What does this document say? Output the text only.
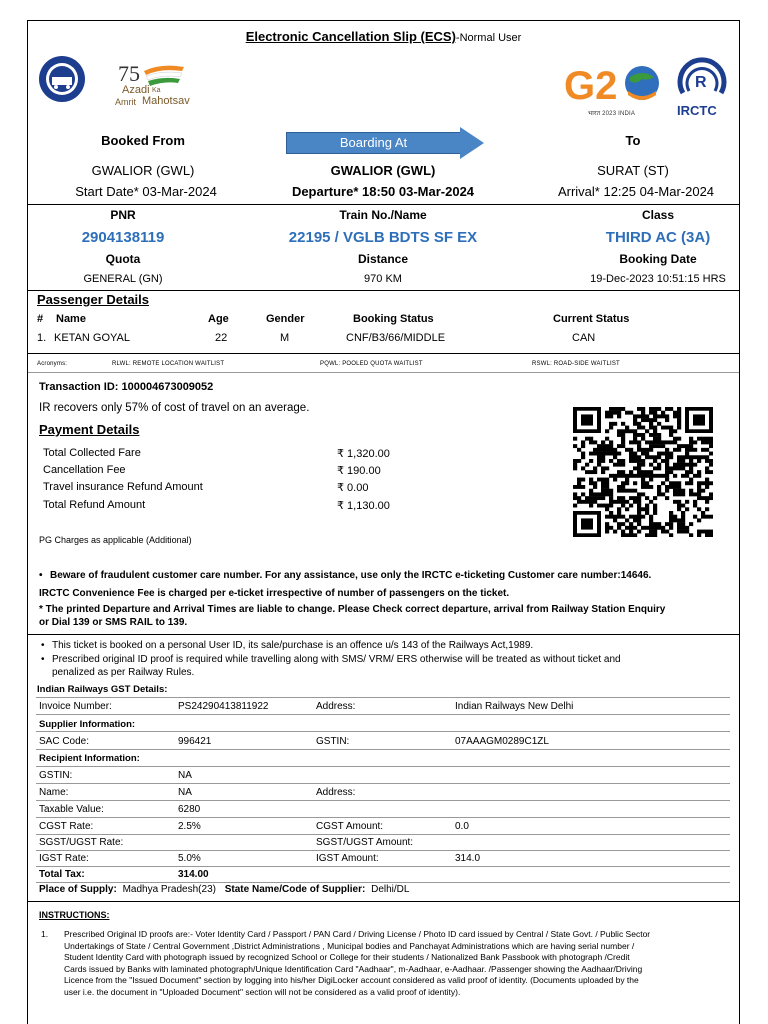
Electronic Cancellation Slip (ECS)-Normal User
75
Azadi Ka
Amrit Mahotsav	G2
भारत 2023 INDIA
R
IRCTC
Booked From	Boarding At	To
GWALIOR (GWL)	GWALIOR (GWL)	SURAT (ST)
Start Date* 03-Mar-2024	Departure* 18:50 03-Mar-2024	Arrival* 12:25 04-Mar-2024
PNR	Train No./Name	Class
2904138119	22195 / VGLB BDTS SF EX	THIRD AC (3A)
Quota	Distance	Booking Date
GENERAL (GN)	970 KM	19-Dec-2023 10:51:15 HRS
Passenger Details
# Name	Age	Gender	Booking Status	Current Status
1. KETAN GOYAL	22	M	CNF/B3/66/MIDDLE	CAN
Acronyms:	RLWL: REMOTE LOCATION WAITLIST	PQWL: POOLED QUOTA WAITLIST	RSWL: ROAD-SIDE WAITLIST
Transaction ID: 100004673009052
IR recovers only 57% of cost of travel on an average.
Payment Details
Total Collected Fare	₹ 1,320.00
Cancellation Fee	₹ 190.00
Travel insurance Refund Amount	₹ 0.00
Total Refund Amount	₹ 1,130.00
PG Charges as applicable (Additional)
• Beware of fraudulent customer care number. For any assistance, use only the IRCTC e-ticketing Customer care number:14646.
IRCTC Convenience Fee is charged per e-ticket irrespective of number of passengers on the ticket.
* The printed Departure and Arrival Times are liable to change. Please Check correct departure, arrival from Railway Station Enquiry
or Dial 139 or SMS RAIL to 139.
• This ticket is booked on a personal User ID, its sale/purchase is an offence u/s 143 of the Railways Act,1989.
• Prescribed original ID proof is required while travelling along with SMS/ VRM/ ERS otherwise will be treated as without ticket and
penalized as per Railway Rules.
Indian Railways GST Details:
Invoice Number:	PS24290413811922	Address:	Indian Railways New Delhi
Supplier Information:
SAC Code:	996421	GSTIN:	07AAAGM0289C1ZL
Recipient Information:
GSTIN:	NA
Name:	NA	Address:
Taxable Value:	6280
CGST Rate:	2.5%	CGST Amount:	0.0
SGST/UGST Rate:	SGST/UGST Amount:
IGST Rate:	5.0%	IGST Amount:	314.0
Total Tax:	314.00
Place of Supply: Madhya Pradesh(23) State Name/Code of Supplier: Delhi/DL
INSTRUCTIONS:
1. Prescribed Original ID proofs are:- Voter Identity Card / Passport / PAN Card / Driving License / Photo ID card issued by Central / State Govt. / Public Sector
Undertakings of State / Central Government ,District Administrations , Municipal bodies and Panchayat Administrations which are having serial number /
Student Identity Card with photograph issued by recognized School or College for their students / Nationalized Bank Passbook with photograph /Credit
Cards issued by Banks with laminated photograph/Unique Identification Card "Aadhaar", m-Aadhaar, e-Aadhaar. /Passenger showing the Aadhaar/Driving
Licence from the "Issued Document" section by logging into his/her DigiLocker account considered as valid proof of identity. (Documents uploaded by the
user i.e. the document in "Uploaded Document" section will not be considered as a valid proof of identity).
